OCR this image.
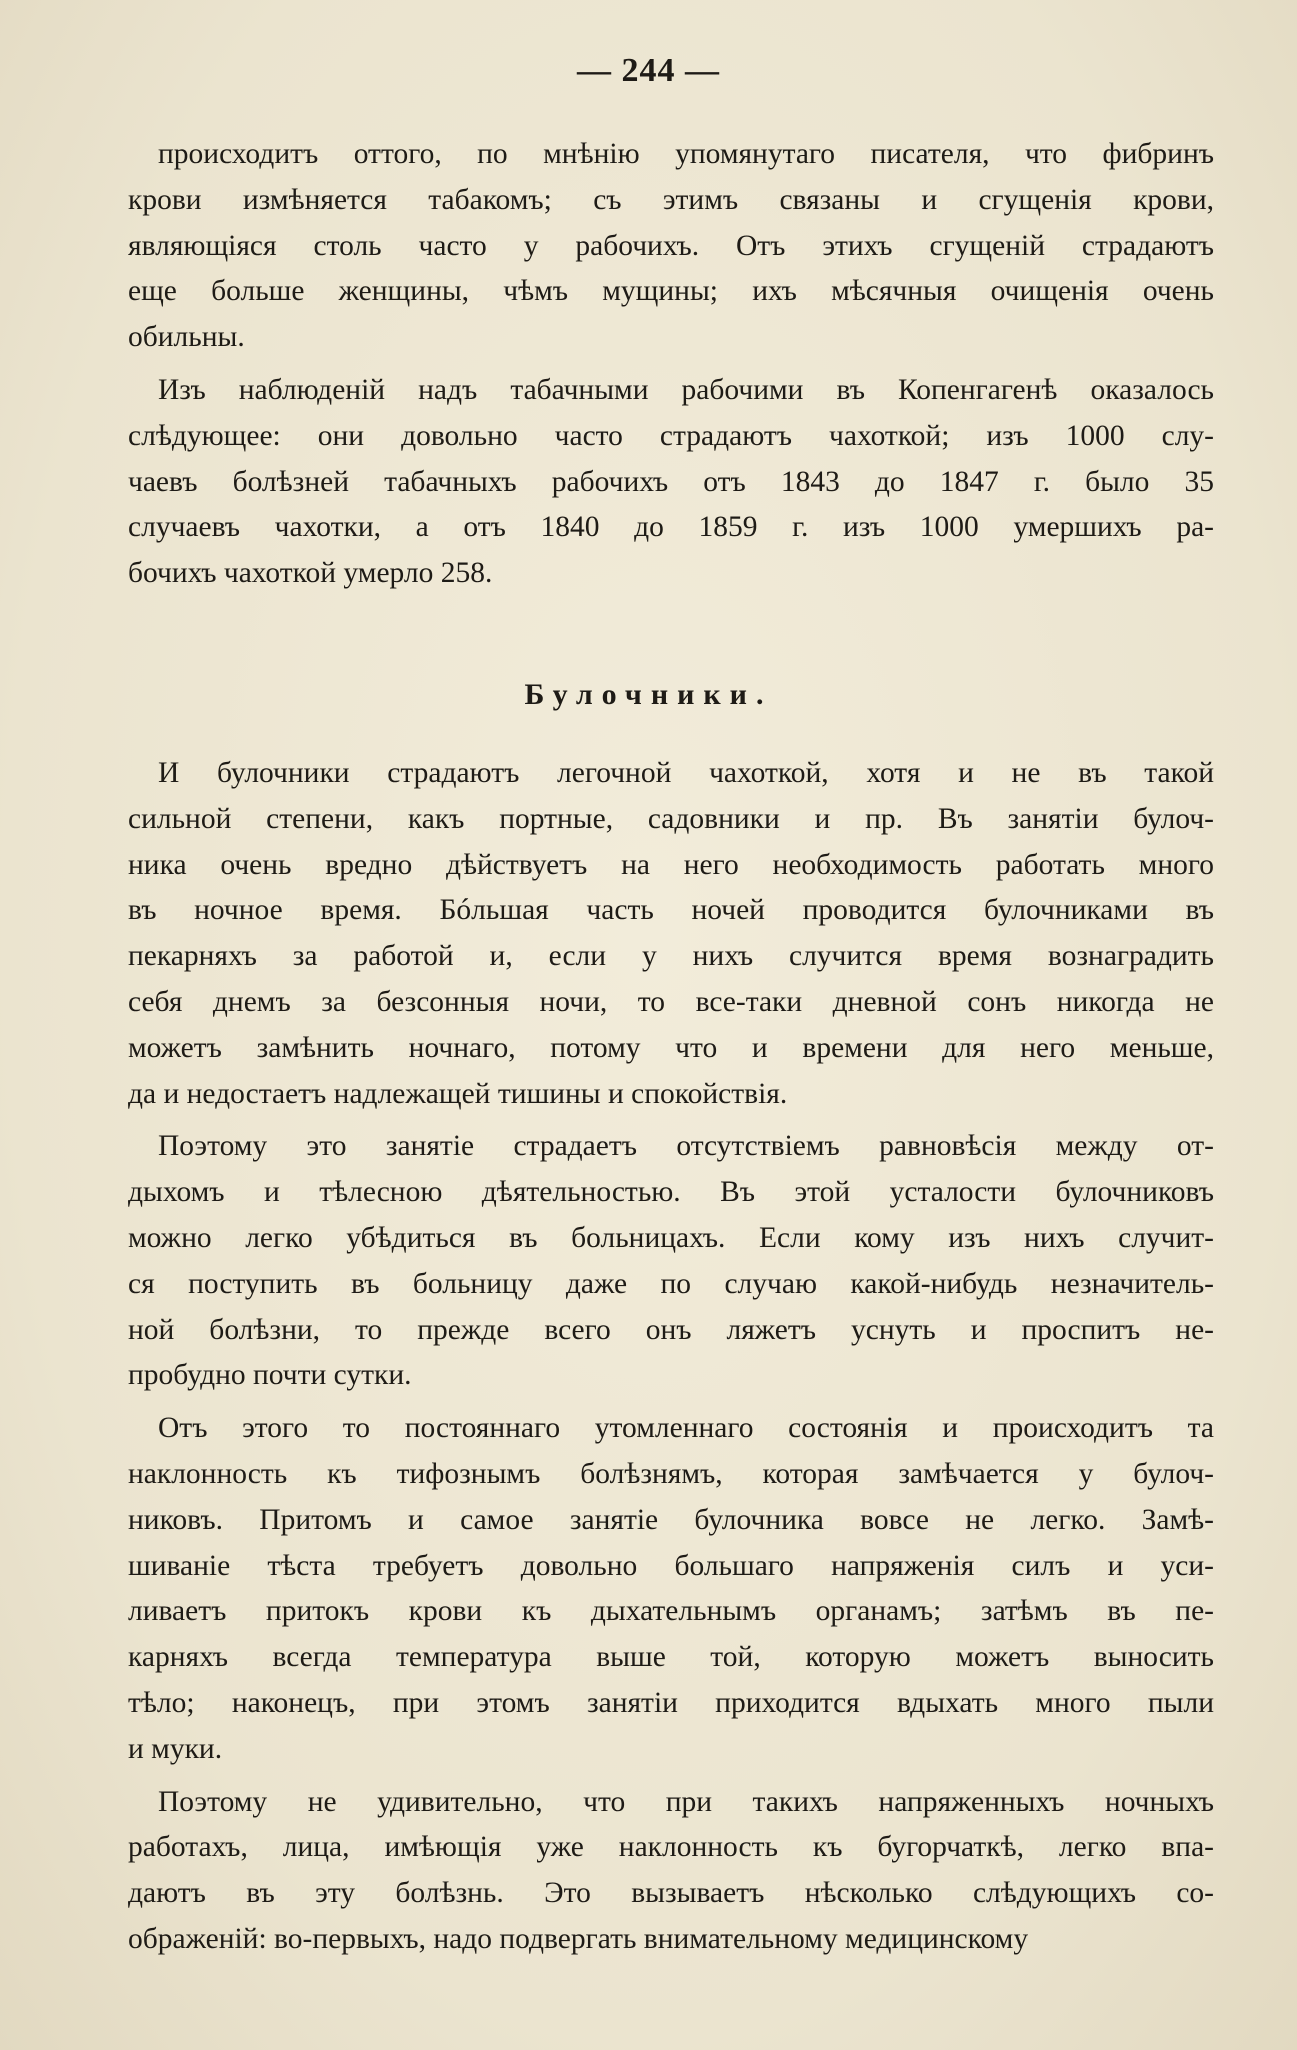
— 244 —

происходитъ оттого, по мнѣнію упомянутаго писателя, что фибринъ
крови измѣняется табакомъ; съ этимъ связаны и сгущенія крови,
являющіяся столь часто у рабочихъ. Отъ этихъ сгущеній страдаютъ
еще больше женщины, чѣмъ мущины; ихъ мѣсячныя очищенія очень
обильны.

Изъ наблюденій надъ табачными рабочими въ Копенгагенѣ оказалось
слѣдующее: они довольно часто страдаютъ чахоткой; изъ 1000 слу-
чаевъ болѣзней табачныхъ рабочихъ отъ 1843 до 1847 г. было 35
случаевъ чахотки, а отъ 1840 до 1859 г. изъ 1000 умершихъ ра-
бочихъ чахоткой умерло 258.

Булочники.

И булочники страдаютъ легочной чахоткой, хотя и не въ такой
сильной степени, какъ портные, садовники и пр. Въ занятіи булоч-
ника очень вредно дѣйствуетъ на него необходимость работать много
въ ночное время. Бóльшая часть ночей проводится булочниками въ
пекарняхъ за работой и, если у нихъ случится время вознаградить
себя днемъ за безсонныя ночи, то все-таки дневной сонъ никогда не
можетъ замѣнить ночнаго, потому что и времени для него меньше,
да и недостаетъ надлежащей тишины и спокойствія.

Поэтому это занятіе страдаетъ отсутствіемъ равновѣсія между от-
дыхомъ и тѣлесною дѣятельностью. Въ этой усталости булочниковъ
можно легко убѣдиться въ больницахъ. Если кому изъ нихъ случит-
ся поступить въ больницу даже по случаю какой-нибудь незначитель-
ной болѣзни, то прежде всего онъ ляжетъ уснуть и проспитъ не-
пробудно почти сутки.

Отъ этого то постояннаго утомленнаго состоянія и происходитъ та
наклонность къ тифознымъ болѣзнямъ, которая замѣчается у булоч-
никовъ. Притомъ и самое занятіе булочника вовсе не легко. Замѣ-
шиваніе тѣста требуетъ довольно большаго напряженія силъ и уси-
ливаетъ притокъ крови къ дыхательнымъ органамъ; затѣмъ въ пе-
карняхъ всегда температура выше той, которую можетъ выносить
тѣло; наконецъ, при этомъ занятіи приходится вдыхать много пыли
и муки.

Поэтому не удивительно, что при такихъ напряженныхъ ночныхъ
работахъ, лица, имѣющія уже наклонность къ бугорчаткѣ, легко впа-
даютъ въ эту болѣзнь. Это вызываетъ нѣсколько слѣдующихъ со-
ображеній: во-первыхъ, надо подвергать внимательному медицинскому
